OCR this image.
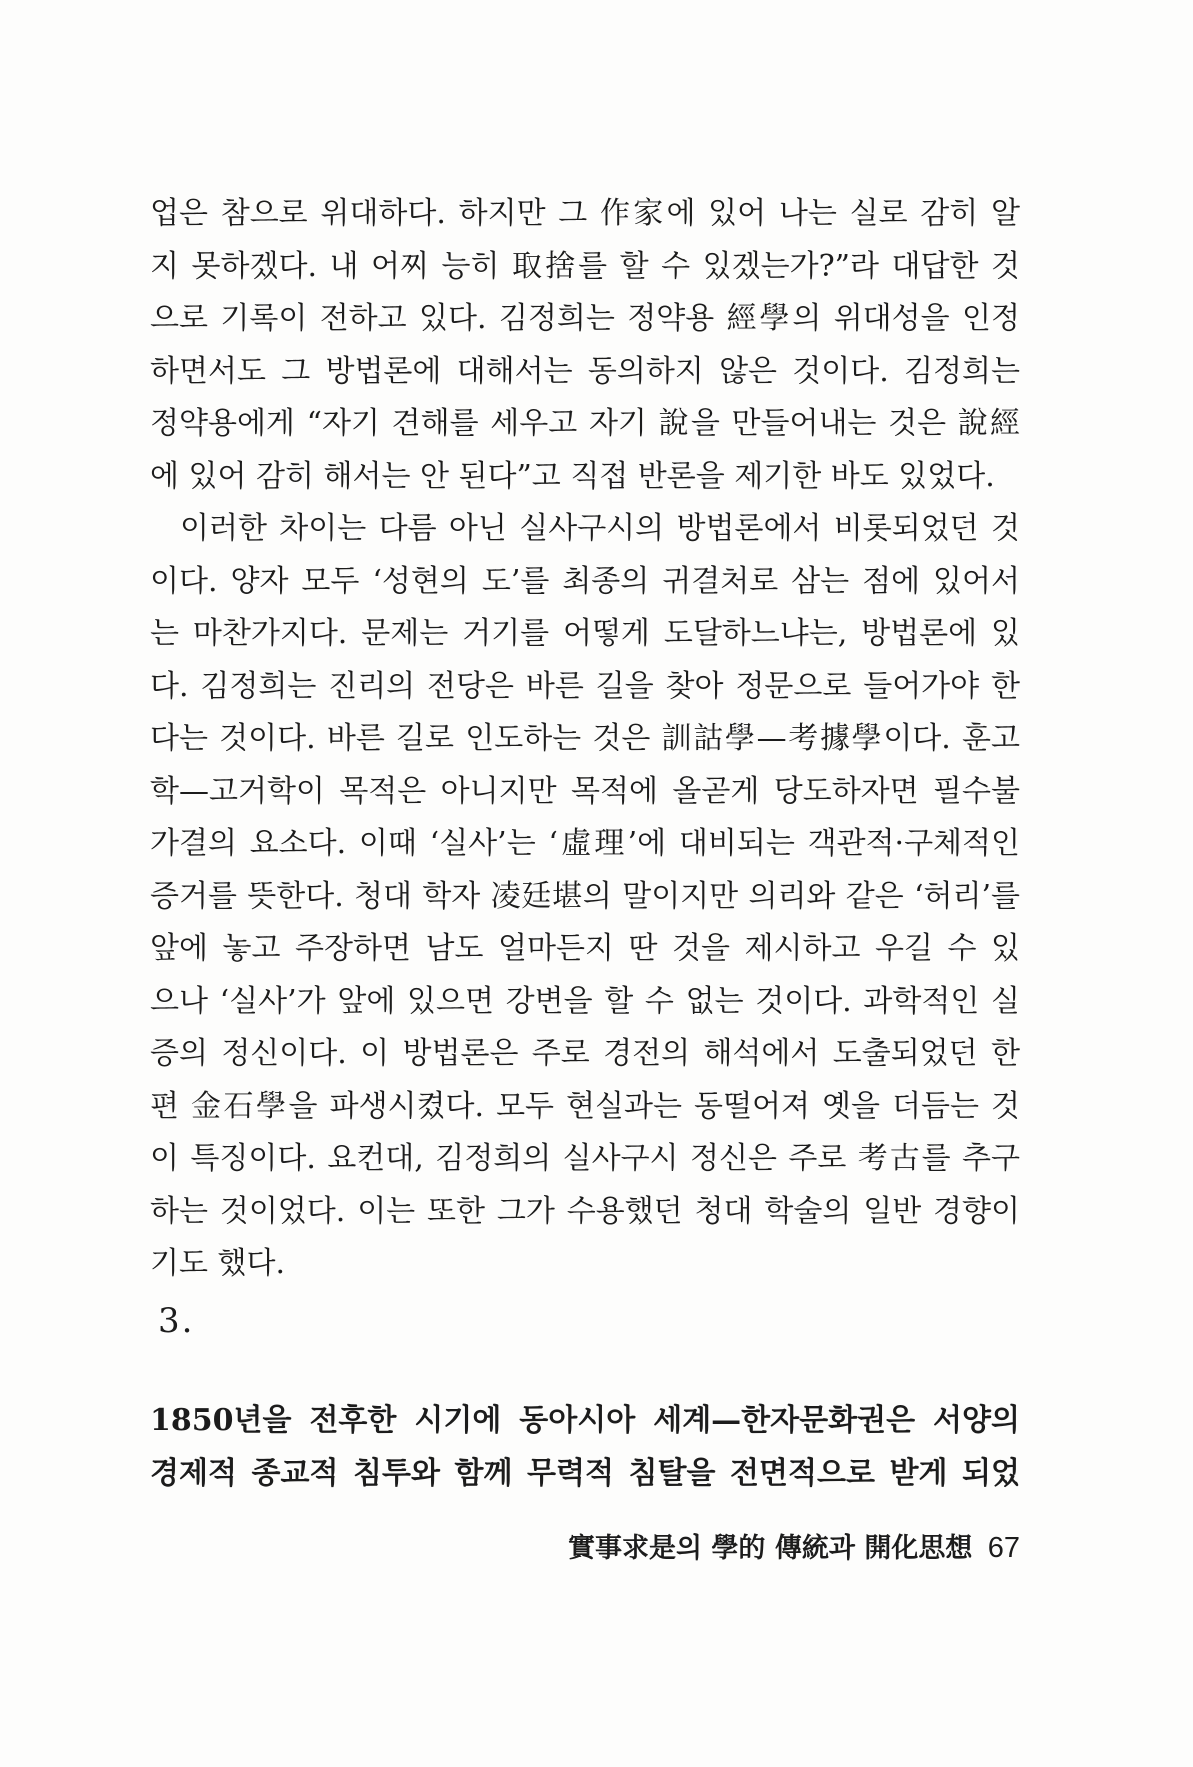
업은 참으로 위대하다. 하지만 그 作家에 있어 나는 실로 감히 알
지 못하겠다. 내 어찌 능히 取捨를 할 수 있겠는가?”라 대답한 것
으로 기록이 전하고 있다. 김정희는 정약용 經學의 위대성을 인정
하면서도 그 방법론에 대해서는 동의하지 않은 것이다. 김정희는
정약용에게 “자기 견해를 세우고 자기 說을 만들어내는 것은 說經
에 있어 감히 해서는 안 된다”고 직접 반론을 제기한 바도 있었다.
이러한 차이는 다름 아닌 실사구시의 방법론에서 비롯되었던 것
이다. 양자 모두 ‘성현의 도’를 최종의 귀결처로 삼는 점에 있어서
는 마찬가지다. 문제는 거기를 어떻게 도달하느냐는, 방법론에 있
다. 김정희는 진리의 전당은 바른 길을 찾아 정문으로 들어가야 한
다는 것이다. 바른 길로 인도하는 것은 訓詁學—考據學이다. 훈고
학—고거학이 목적은 아니지만 목적에 올곧게 당도하자면 필수불
가결의 요소다. 이때 ‘실사’는 ‘虛理’에 대비되는 객관적·구체적인
증거를 뜻한다. 청대 학자 凌廷堪의 말이지만 의리와 같은 ‘허리’를
앞에 놓고 주장하면 남도 얼마든지 딴 것을 제시하고 우길 수 있
으나 ‘실사’가 앞에 있으면 강변을 할 수 없는 것이다. 과학적인 실
증의 정신이다. 이 방법론은 주로 경전의 해석에서 도출되었던 한
편 金石學을 파생시켰다. 모두 현실과는 동떨어져 옛을 더듬는 것
이 특징이다. 요컨대, 김정희의 실사구시 정신은 주로 考古를 추구
하는 것이었다. 이는 또한 그가 수용했던 청대 학술의 일반 경향이
기도 했다.
3.
1850년을 전후한 시기에 동아시아 세계—한자문화권은 서양의
경제적 종교적 침투와 함께 무력적 침탈을 전면적으로 받게 되었
實事求是의 學的 傳統과 開化思想 67
